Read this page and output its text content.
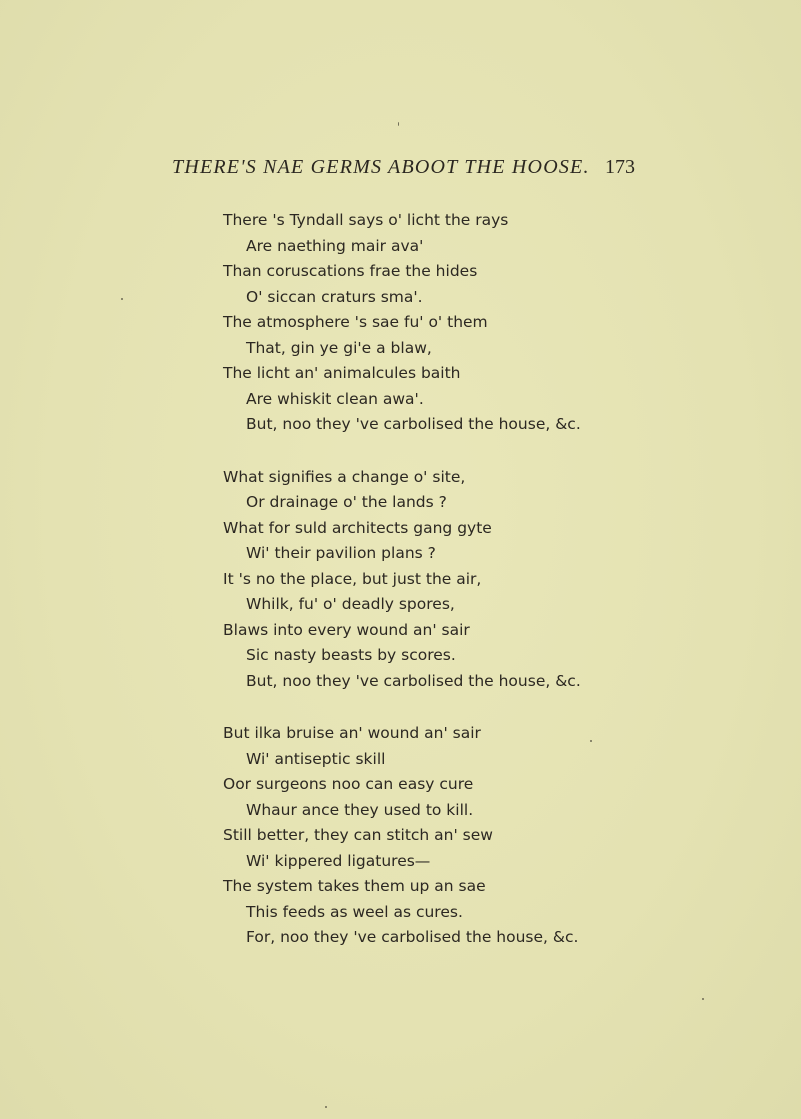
THERE'S NAE GERMS ABOOT THE HOOSE. 173
There 's Tyndall says o' licht the rays
Are naething mair ava'
Than coruscations frae the hides
O' siccan craturs sma'.
The atmosphere 's sae fu' o' them
That, gin ye gi'e a blaw,
The licht an' animalcules baith
Are whiskit clean awa'.
But, noo they 've carbolised the house, &c.
What signifies a change o' site,
Or drainage o' the lands ?
What for suld architects gang gyte
Wi' their pavilion plans ?
It 's no the place, but just the air,
Whilk, fu' o' deadly spores,
Blaws into every wound an' sair
Sic nasty beasts by scores.
But, noo they 've carbolised the house, &c.
But ilka bruise an' wound an' sair
Wi' antiseptic skill
Oor surgeons noo can easy cure
Whaur ance they used to kill.
Still better, they can stitch an' sew
Wi' kippered ligatures—
The system takes them up an sae
This feeds as weel as cures.
For, noo they 've carbolised the house, &c.
